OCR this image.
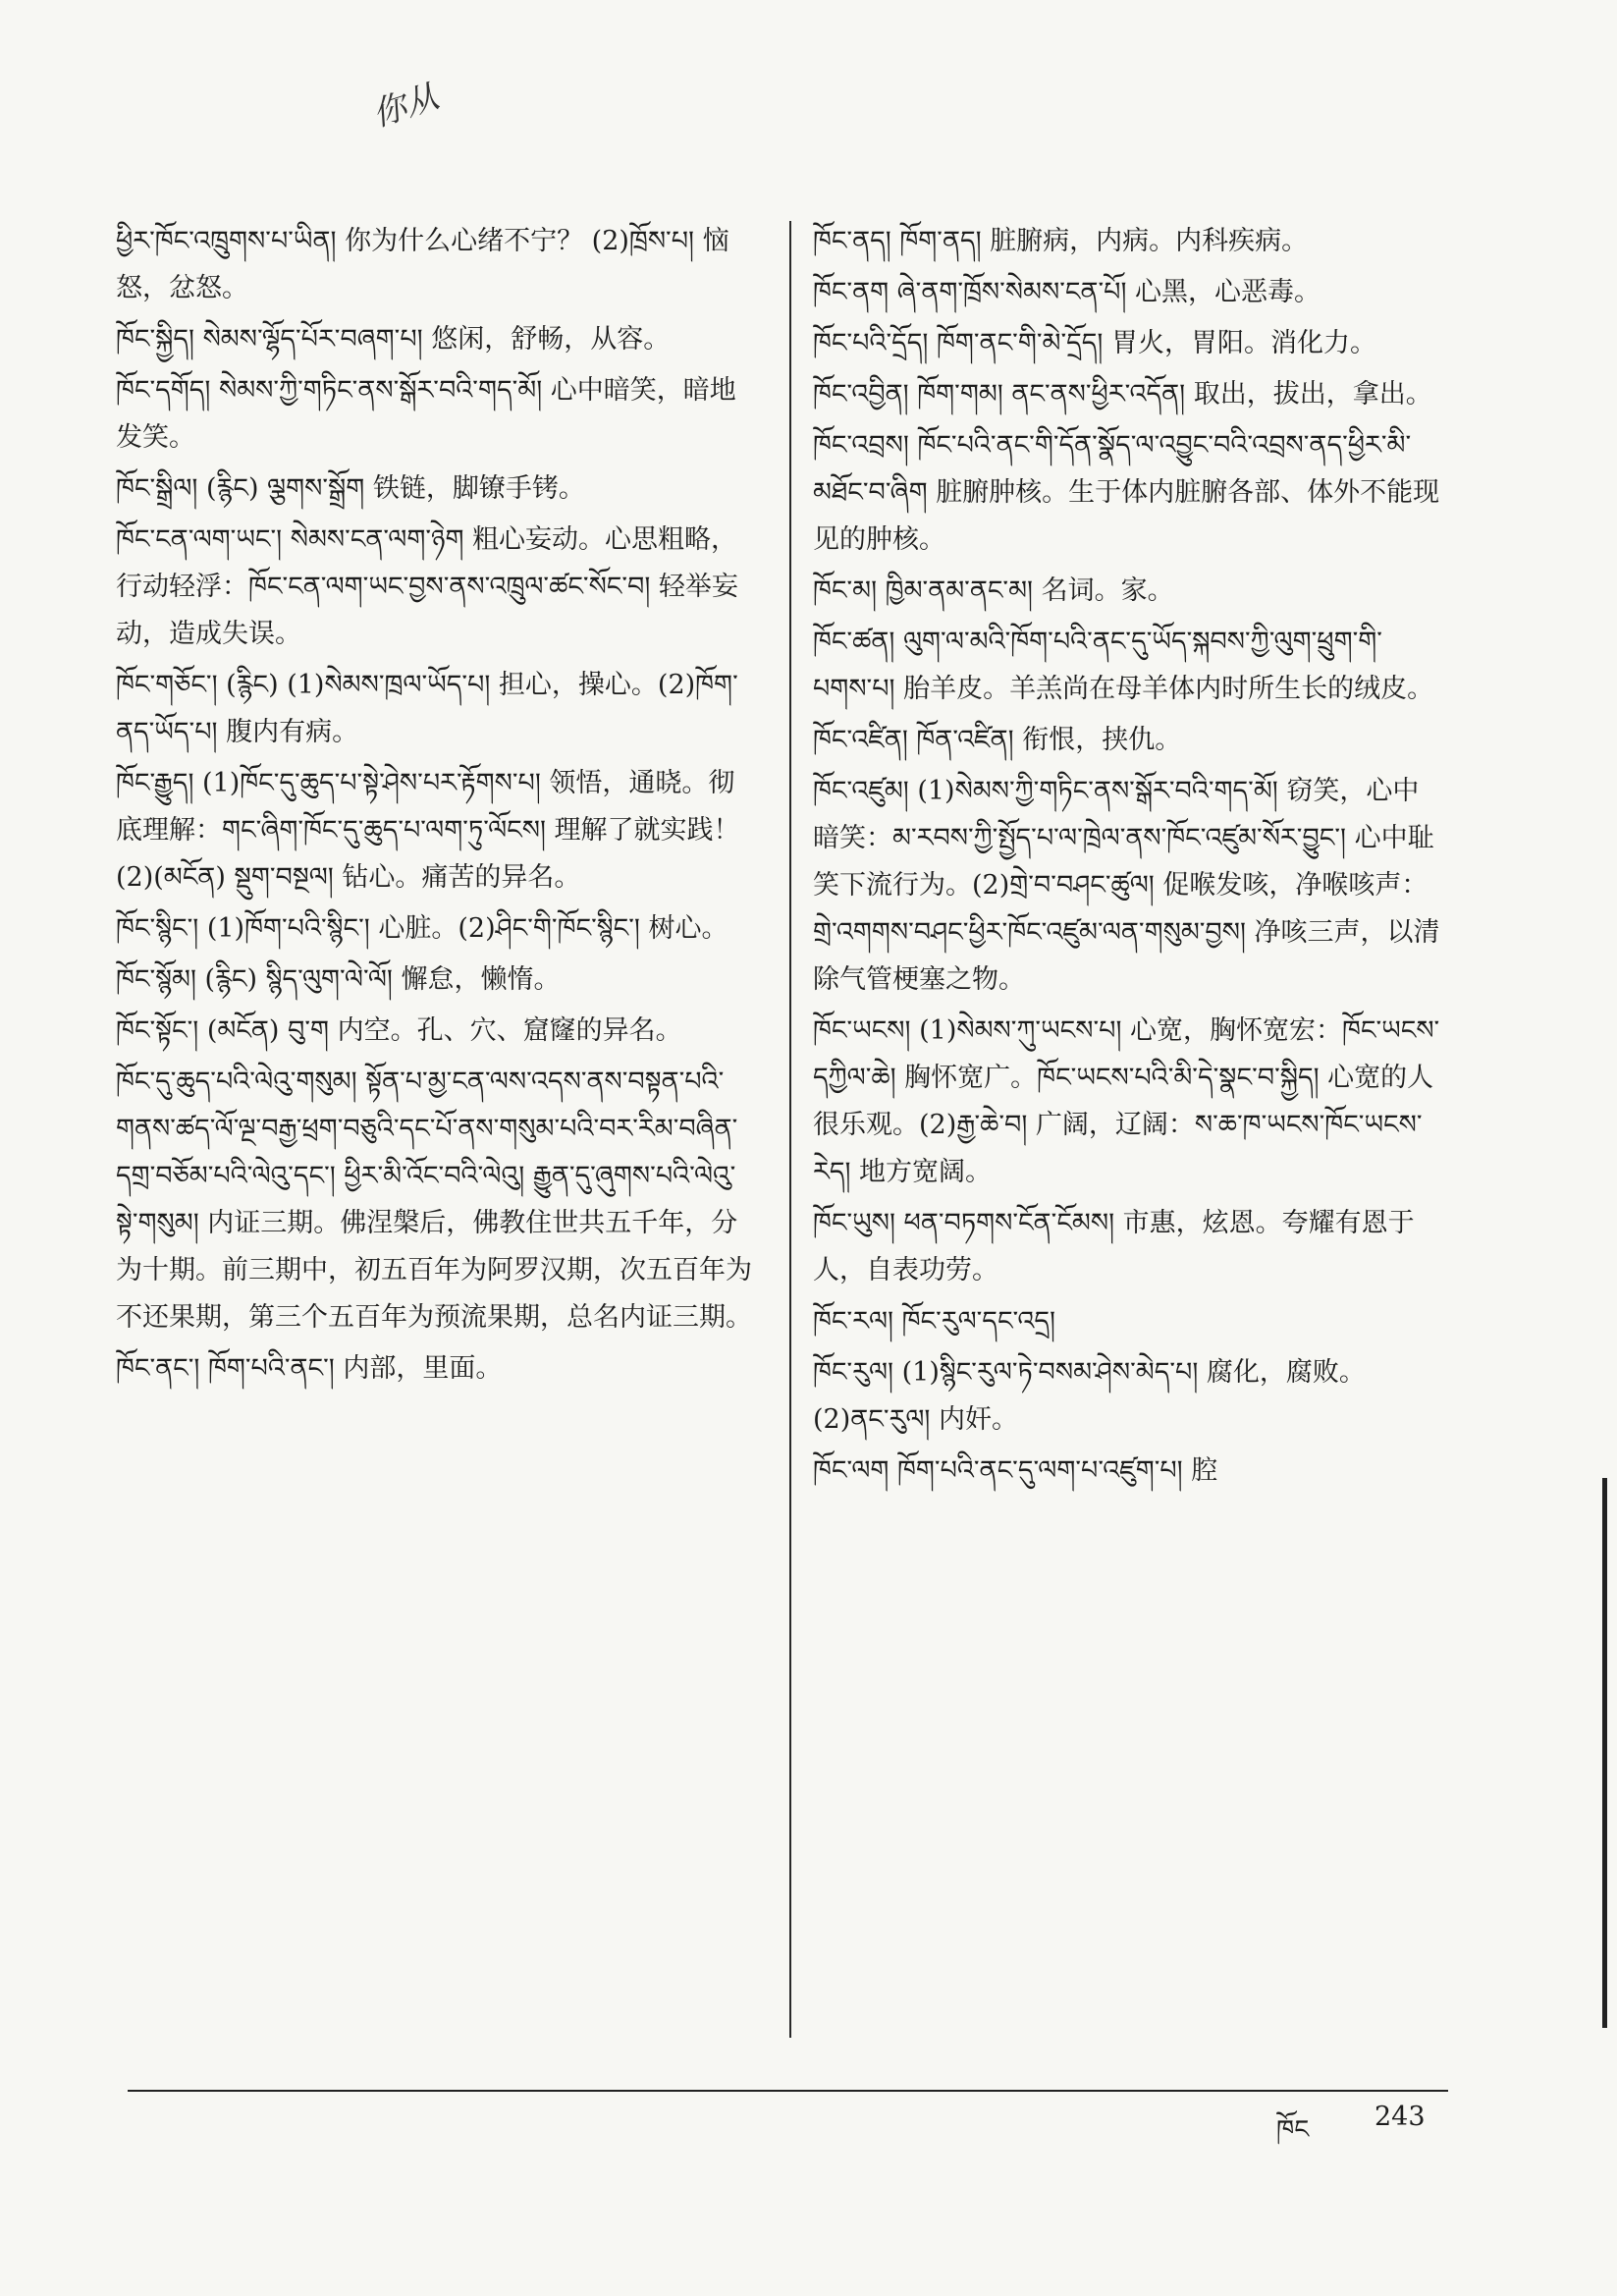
你从
ཕྱིར་ཁོང་འཁྲུགས་པ་ཡིན། 你为什么心绪不宁？ (2)ཁྲོས་པ། 恼怒，忿怒。
ཁོང་སྐྱིད། སེམས་ལྷོད་པོར་བཞག་པ། 悠闲，舒畅，从容。
ཁོང་དགོད། སེམས་ཀྱི་གཏིང་ནས་སྒོར་བའི་གད་མོ། 心中暗笑，暗地发笑。
ཁོང་སྒྲིལ། (རྙིང) ལྕགས་སྒྲོག 铁链，脚镣手铐。
ཁོང་ངན་ལག་ཡང་། སེམས་ངན་ལག་ཉེག 粗心妄动。心思粗略，行动轻浮：ཁོང་ངན་ལག་ཡང་བྱས་ནས་འཁྲུལ་ཚང་སོང་བ། 轻举妄动，造成失误。
ཁོང་གཅོང་། (རྙིང) (1)སེམས་ཁྲལ་ཡོད་པ། 担心，操心。(2)ཁོག་ནད་ཡོད་པ། 腹内有病。
ཁོང་རྒྱུད། (1)ཁོང་དུ་ཆུད་པ་སྟེ་ཤེས་པར་རྟོགས་པ། 领悟，通晓。彻底理解：གང་ཞིག་ཁོང་དུ་ཆུད་པ་ལག་ཏུ་ལོངས། 理解了就实践！ (2)(མངོན) སྡུག་བསྔལ། 钻心。痛苦的异名。
ཁོང་སྙིང་། (1)ཁོག་པའི་སྙིང་། 心脏。(2)ཤིང་གི་ཁོང་སྙིང་། 树心。
ཁོང་སྙོམ། (རྙིང) སྙིད་ལུག་ལེ་ལོ། 懈怠，懒惰。
ཁོང་སྟོང་། (མངོན) བུ་ག 内空。孔、穴、窟窿的异名。
ཁོང་དུ་ཆུད་པའི་ལེའུ་གསུམ། སྟོན་པ་མྱ་ངན་ལས་འདས་ནས་བསྟན་པའི་གནས་ཚད་ལོ་ལྔ་བརྒྱ་ཕྲག་བཅུའི་དང་པོ་ནས་གསུམ་པའི་བར་རིམ་བཞིན་དགྲ་བཅོམ་པའི་ལེའུ་དང་། ཕྱིར་མི་འོང་བའི་ལེའུ། རྒྱུན་དུ་ཞུགས་པའི་ལེའུ་སྟེ་གསུམ། 内证三期。佛涅槃后，佛教住世共五千年，分为十期。前三期中，初五百年为阿罗汉期，次五百年为不还果期，第三个五百年为预流果期，总名内证三期。
ཁོང་ནང་། ཁོག་པའི་ནང་། 内部，里面。
ཁོང་ནད། ཁོག་ནད། 脏腑病，内病。内科疾病。
ཁོང་ནག ཞེ་ནག་ཁྲོས་སེམས་ངན་པོ། 心黑，心恶毒。
ཁོང་པའི་དྲོད། ཁོག་ནང་གི་མེ་དྲོད། 胃火，胃阳。消化力。
ཁོང་འབྱིན། ཁོག་གམ། ནང་ནས་ཕྱིར་འདོན། 取出，拔出，拿出。
ཁོང་འབྲས། ཁོང་པའི་ནང་གི་དོན་སྣོད་ལ་འབྱུང་བའི་འབྲས་ནད་ཕྱིར་མི་མཐོང་བ་ཞིག 脏腑肿核。生于体内脏腑各部、体外不能现见的肿核。
ཁོང་མ། ཁྱིམ་ནམ་ནང་མ། 名词。家。
ཁོང་ཚན། ལུག་ལ་མའི་ཁོག་པའི་ནང་དུ་ཡོད་སྐབས་ཀྱི་ལུག་ཕྲུག་གི་པགས་པ། 胎羊皮。羊羔尚在母羊体内时所生长的绒皮。
ཁོང་འཛིན། ཁོན་འཛིན། 衔恨，挟仇。
ཁོང་འཛུམ། (1)སེམས་ཀྱི་གཏིང་ནས་སྒོར་བའི་གད་མོ། 窃笑，心中暗笑：མ་རབས་ཀྱི་སྤྱོད་པ་ལ་ཁྲེལ་ནས་ཁོང་འཛུམ་སོར་བྱུང་། 心中耻笑下流行为。(2)གྲེ་བ་བཤང་ཚུལ། 促喉发咳，净喉咳声：གྲེ་འགགས་བཤང་ཕྱིར་ཁོང་འཛུམ་ལན་གསུམ་བྱས། 净咳三声，以清除气管梗塞之物。
ཁོང་ཡངས། (1)སེམས་ཀུ་ཡངས་པ། 心宽，胸怀宽宏：ཁོང་ཡངས་དཀྱིལ་ཆེ། 胸怀宽广。ཁོང་ཡངས་པའི་མི་དེ་སྣང་བ་སྐྱིད། 心宽的人很乐观。(2)རྒྱ་ཆེ་བ། 广阔，辽阔：ས་ཆ་ཁ་ཡངས་ཁོང་ཡངས་རེད། 地方宽阔。
ཁོང་ཡུས། ཕན་བཏགས་ངོན་ངོམས། 市惠，炫恩。夸耀有恩于人，自表功劳。
ཁོང་རལ། ཁོང་རུལ་དང་འདྲ།
ཁོང་རུལ། (1)སྙིང་རུལ་ཏེ་བསམ་ཤེས་མེད་པ། 腐化，腐败。(2)ནང་རུལ། 内奸。
ཁོང་ལག ཁོག་པའི་ནང་དུ་ལག་པ་འཛུག་པ། 腔
ཁོང 243
